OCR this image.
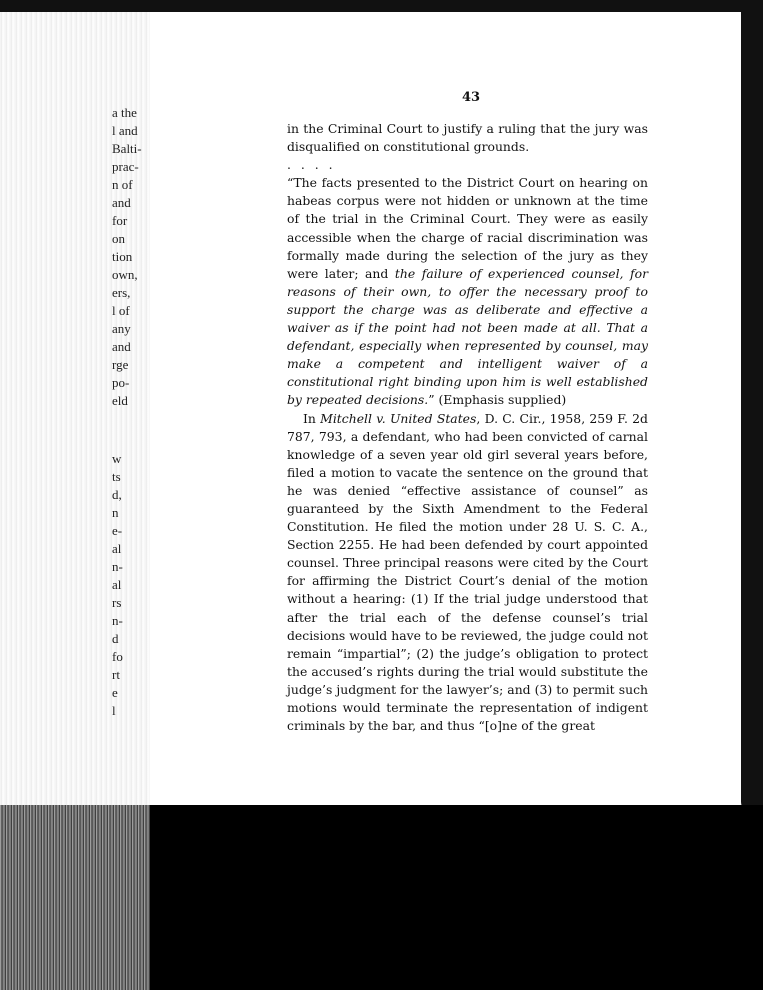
a the
l and
Balti-
prac-
n of
and
for
on
tion
own,
ers,
l of
any
and
rge
po-
eld
w
ts
d,
n
e-
al
n-
al
rs
n-
d
fo
rt
e
l
43

in the Criminal Court to justify a ruling that the jury was disqualified on constitutional grounds.

. . . .

“The facts presented to the District Court on hearing on habeas corpus were not hidden or unknown at the time of the trial in the Criminal Court. They were as easily accessible when the charge of racial discrimination was formally made during the selection of the jury as they were later; and the failure of experienced counsel, for reasons of their own, to offer the necessary proof to support the charge was as deliberate and effective a waiver as if the point had not been made at all. That a defendant, especially when represented by counsel, may make a competent and intelligent waiver of a constitutional right binding upon him is well established by repeated decisions.” (Emphasis supplied)

In Mitchell v. United States, D. C. Cir., 1958, 259 F. 2d 787, 793, a defendant, who had been convicted of carnal knowledge of a seven year old girl several years before, filed a motion to vacate the sentence on the ground that he was denied “effective assistance of counsel” as guaranteed by the Sixth Amendment to the Federal Constitution. He filed the motion under 28 U. S. C. A., Section 2255. He had been defended by court appointed counsel. Three principal reasons were cited by the Court for affirming the District Court’s denial of the motion without a hearing: (1) If the trial judge understood that after the trial each of the defense counsel’s trial decisions would have to be reviewed, the judge could not remain “impartial”; (2) the judge’s obligation to protect the accused’s rights during the trial would substitute the judge’s judgment for the lawyer’s; and (3) to permit such motions would terminate the representation of indigent criminals by the bar, and thus “[o]ne of the great
